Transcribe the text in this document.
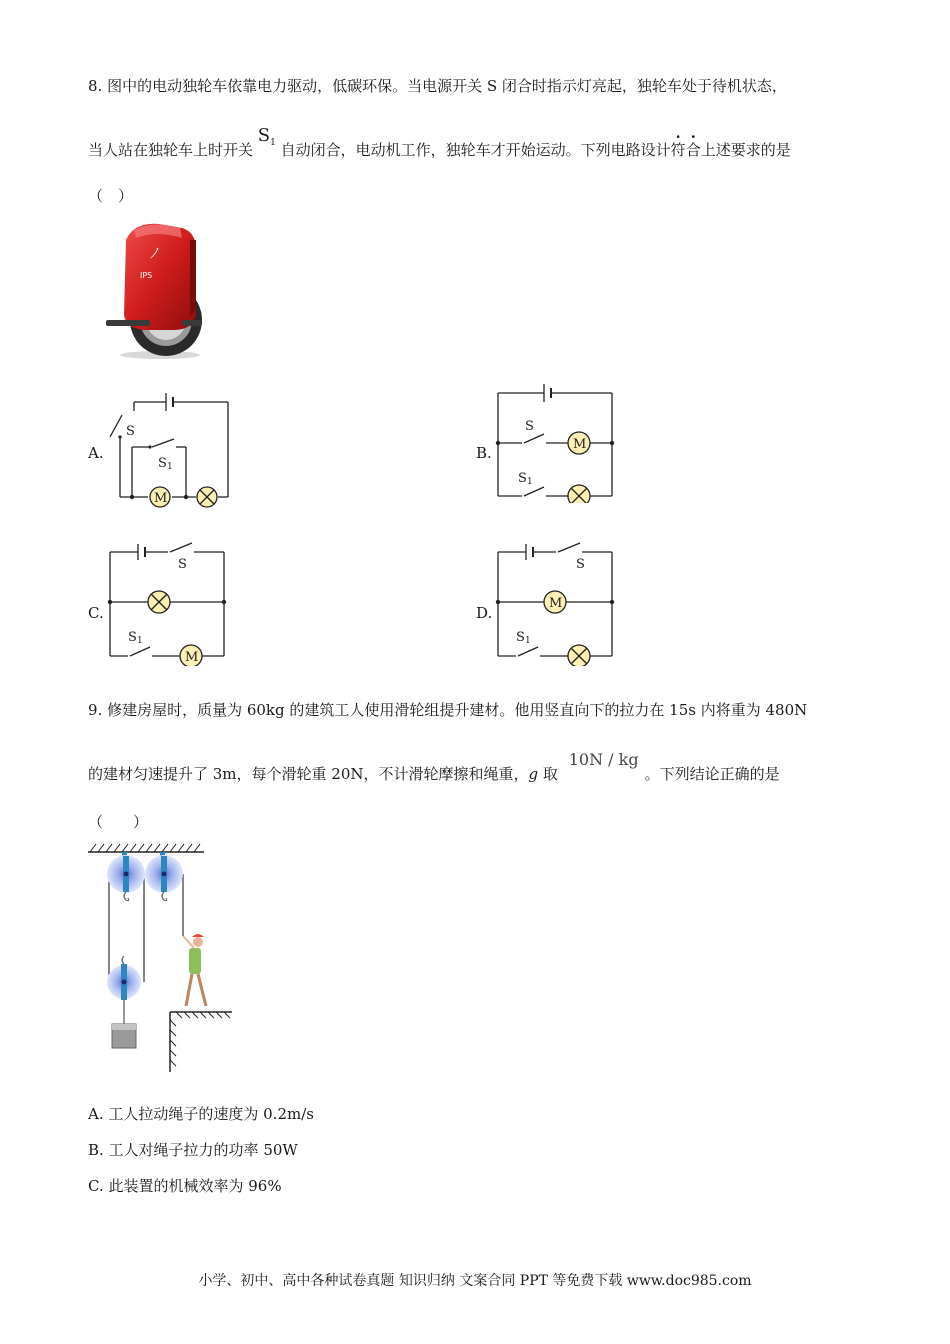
8. 图中的电动独轮车依靠电力驱动，低碳环保。当电源开关 S 闭合时指示灯亮起，独轮车处于待机状态，
当人站在独轮车上时开关 $S_1$ 自动闭合，电动机工作，独轮车才开始运动。下列电路设计符合上述要求的是
（　）
ﾉ
IPS
A.
M
S
S 1
B.	M
S
S 1
C.
M
S
S 1
D.
M
S
S 1
9. 修建房屋时，质量为 60kg 的建筑工人使用滑轮组提升建材。他用竖直向下的拉力在 15s 内将重为 480N
的建材匀速提升了 3m，每个滑轮重 20N，不计滑轮摩擦和绳重，g 取 10N / kg。下列结论正确的是
（　　）
A. 工人拉动绳子的速度为 0.2m/s
B. 工人对绳子拉力的功率 50W
C. 此装置的机械效率为 96%
小学、初中、高中各种试卷真题 知识归纳 文案合同 PPT 等免费下载 www.doc985.com
